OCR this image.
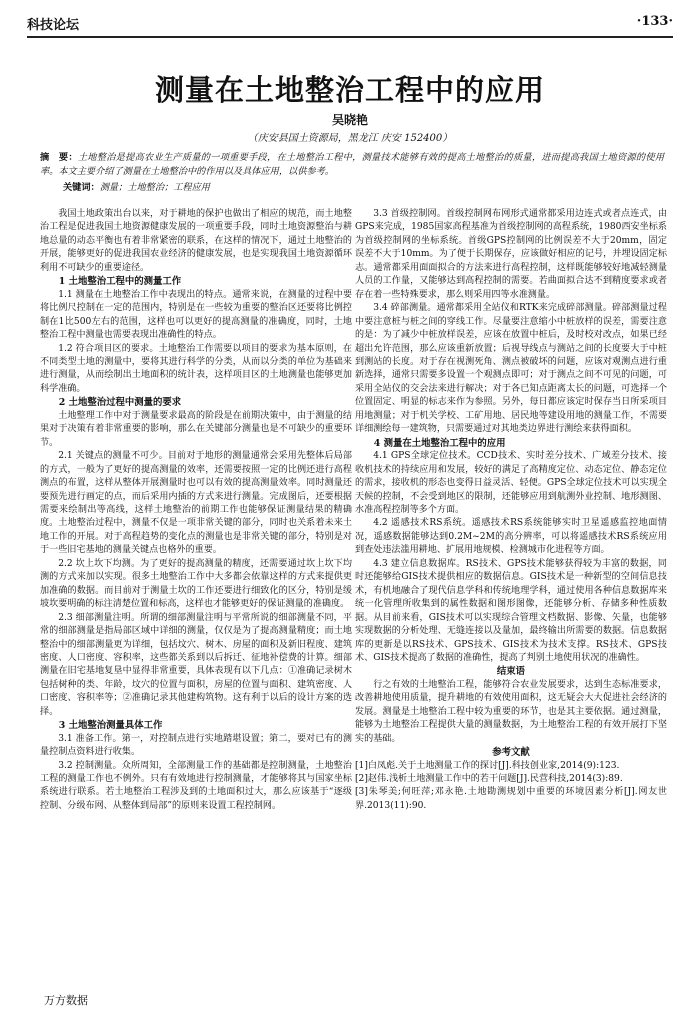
科技论坛	·133·
测量在土地整治工程中的应用
吴晓艳
（庆安县国土资源局，黑龙江 庆安 152400）
摘　要：土地整治是提高农业生产质量的一项重要手段，在土地整治工程中，测量技术能够有效的提高土地整治的质量，进而提高我国土地资源的使用率。本文主要介绍了测量在土地整治中的作用以及具体应用，以供参考。
关键词：测量；土地整治；工程应用

我国土地政策出台以来，对于耕地的保护也做出了相应的规范，而土地整治工程是促进我国土地资源健康发展的一项重要手段，同时土地资源整治与耕地总量的动态平衡也有着非常紧密的联系，在这样的情况下，通过土地整治的开展，能够更好的促进我国农业经济的健康发展，也是实现我国土地资源循环利用不可缺少的重要途径。

1 土地整治工程中的测量工作

1.1 测量在土地整治工作中表现出的特点。通常来说，在测量的过程中要将比例尺控制在一定的范围内，特别是在一些较为重要的整治区还要将比例控制在1比500左右的范围，这样也可以更好的提高测量的准确度，同时，土地整治工程中测量也需要表现出准确性的特点。

1.2 符合项目区的要求。土地整治工作需要以项目的要求为基本原则，在不同类型土地的测量中，要将其进行科学的分类，从而以分类的单位为基础来进行测量，从而绘制出土地面积的统计表，这样项目区的土地测量也能够更加科学准确。

2 土地整治过程中测量的要求

土地整理工作中对于测量要求最高的阶段是在前期决策中，由于测量的结果对于决策有着非常重要的影响，那么在关键部分测量也是不可缺少的重要环节。

2.1 关键点的测量不可少。目前对于地形的测量通常会采用先整体后局部的方式，一般为了更好的提高测量的效率，还需要按照一定的比例还进行高程测点的布置，这样从整体开展测量时也可以有效的提高测量效率。同时测量还要预先进行画定的点，而后采用内插的方式来进行测量。完成图后，还要根据需要来绘制出等高线，这样土地整治的前期工作也能够保证测量结果的精确度。土地整治过程中，测量不仅是一项非常关键的部分，同时也关系着未来土地工作的开展。对于高程趋势的变化点的测量也是非常关键的部分，特别是对于一些旧宅基地的测量关键点也格外的重要。

2.2 坎上坎下均测。为了更好的提高测量的精度，还需要通过坎上坎下均测的方式来加以实现。很多土地整治工作中大多都会依靠这样的方式来提供更加准确的数据。而目前对于测量土坎的工作还要进行细致化的区分，特别是缓坡坎要明确的标注清楚位置和标高，这样也才能够更好的保证测量的准确度。

2.3 细部测量注明。所谓的细部测量注明与平常所说的细部测量不同，平常的细部测量是指局部区域中详细的测量，仅仅是为了提高测量精度；而土地整治中的细部测量更为详细，包括坟穴、树木、房屋的面积及新旧程度、建筑密度、人口密度、容积率，这些都关系到以后拆迁、征地补偿费的计算。细部测量在旧宅基地复垦中显得非常重要，具体表现有以下几点：①准确记录树木包括树种的类、年龄，坟穴的位置与面积，房屋的位置与面积、建筑密度、人口密度、容积率等；②准确记录其他建构筑物。这有利于以后的设计方案的选择。

3 土地整治测量具体工作

3.1 准备工作。第一，对控制点进行实地踏堪设置；第二，要对已有的测量控制点资料进行收集。

3.2 控制测量。众所周知，全部测量工作的基础都是控制测量，土地整治工程的测量工作也不例外。只有有效地进行控制测量，才能够将其与国家坐标系统进行联系。若土地整治工程涉及到的土地面积过大，那么应该基于“逐级控制、分级布网、从整体到局部”的原则来设置工程控制网。

3.3 首级控制网。首级控制网布网形式通常都采用边连式或者点连式，由GPS来完成，1985国家高程基准为首级控制网的高程系统，1980西安坐标系为首级控制网的坐标系统。首级GPS控制网的比例误差不大于20mm，固定误差不大于10mm。为了便于长期保存，应该做好相应的记号，并埋设固定标志。通常都采用面面拟合的方法来进行高程控制，这样既能够较好地减轻测量人员的工作量，又能够达到高程控制的需要。若曲面拟合达不到精度要求或者存在着一些特殊要求，那么则采用四等水准测量。

3.4 碎部测量。通常都采用全站仪和RTK来完成碎部测量。碎部测量过程中要注意桩与桩之间的穿线工作。尽量要注意缩小中桩放样的误差，需要注意的是：为了减少中桩放样误差，应该在放置中桩后，及时校对改点，如果已经超出允许范围，那么应该重新放置；后视导线点与测站之间的长度要大于中桩到测站的长度。对于存在视测死角、测点被破坏的问题，应该对观测点进行重新选择，通常只需要多设置一个观测点即可；对于测点之间不可见的问题，可采用全站仪的交会法来进行解决；对于各已知点距离太长的问题，可选择一个位置固定、明显的标志来作为参照。另外，每日都应该定时保存当日所采项目用地测量；对于机关学校、工矿用地、居民地等建设用地的测量工作，不需要详细测绘每一建筑物，只需要通过对其地类边界进行测绘来获得面积。

4 测量在土地整治工程中的应用

4.1 GPS全球定位技术。CCD技术、实时差分技术、广域差分技术、接收机技术的持续应用和发展，较好的满足了高精度定位、动态定位、静态定位的需求，接收机的形态也变得日益灵活、轻便。GPS全球定位技术可以实现全天候的控制，不会受到地区的限制，还能够应用到航测外业控制、地形测图、水准高程控制等多个方面。

4.2 遥感技术RS系统。遥感技术RS系统能够实时卫星遥感监控地面情况，遥感数据能够达到0.2M~2M的高分辨率，可以将遥感技术RS系统应用到查处违法滥用耕地、扩展用地规模、检测城市化进程等方面。

4.3 建立信息数据库。RS技术、GPS技术能够获得较为丰富的数据，同时还能够给GIS技术提供相应的数据信息。GIS技术是一种新型的空间信息技术，有机地融合了现代信息学科和传统地理学科，通过使用各种信息数据库来统一化管理所收集到的属性数据和图形图像，还能够分析、存储多种性质数据。从目前来看，GIS技术可以实现综合管理文档数据、影像、矢量，也能够实现数据的分析处理、无缝连接以及量加，最终输出所需要的数据。信息数据库的更新是以RS技术、GPS技术、GIS技术为技术支撑。RS技术、GPS技术、GIS技术提高了数据的准确性，提高了判别土地使用状况的准确性。

结束语

行之有效的土地整治工程，能够符合农业发展要求，达到生态标准要求，改善耕地使用质量，提升耕地的有效使用面积，这无疑会大大促进社会经济的发展。测量是土地整治工程中较为重要的环节，也是其主要依据。通过测量，能够为土地整治工程提供大量的测量数据，为土地整治工程的有效开展打下坚实的基础。

参考文献

[1]白凤彪.关于土地测量工作的探讨[J].科技创业家,2014(9):123.

[2]赵伟.浅析土地测量工作中的若干问题[J].民营科技,2014(3):89.

[3]朱琴美;何旺萍;邓永艳.土地勘测规划中重要的环境因素分析[J].网友世界.2013(11):90.

万方数据
